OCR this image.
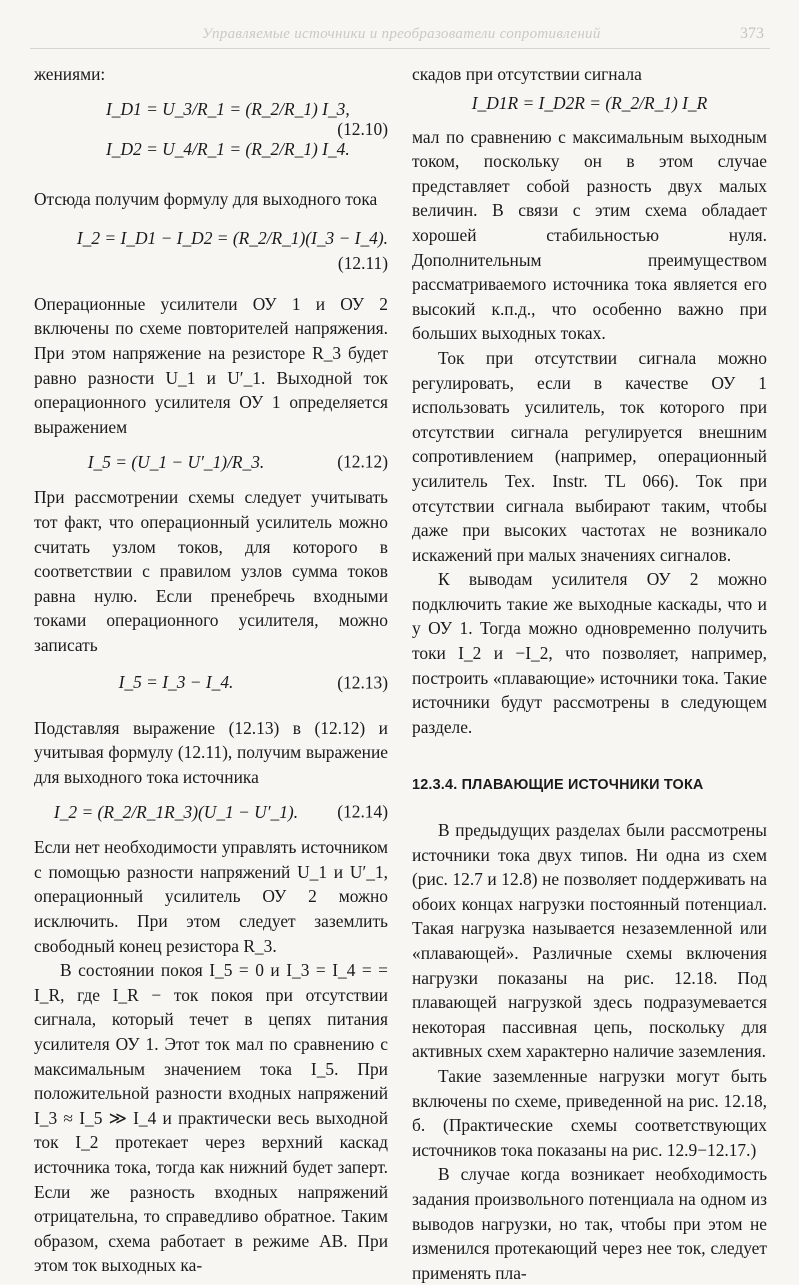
Управляемые источники и преобразователи сопротивлений	373

жениями:

I_D1 = U_3/R_1 = (R_2/R_1) I_3,
I_D2 = U_4/R_1 = (R_2/R_1) I_4.
(12.10)

Отсюда получим формулу для выходного тока

I_2 = I_D1 − I_D2 = (R_2/R_1)(I_3 − I_4).
(12.11)

Операционные усилители ОУ 1 и ОУ 2 включены по схеме повторителей напряжения. При этом напряжение на резисторе R_3 будет равно разности U_1 и U′_1. Выходной ток операционного усилителя ОУ 1 определяется выражением

I_5 = (U_1 − U′_1)/R_3.	(12.12)

При рассмотрении схемы следует учитывать тот факт, что операционный усилитель можно считать узлом токов, для которого в соответствии с правилом узлов сумма токов равна нулю. Если пренебречь входными токами операционного усилителя, можно записать

I_5 = I_3 − I_4.	(12.13)

Подставляя выражение (12.13) в (12.12) и учитывая формулу (12.11), получим выражение для выходного тока источника

I_2 = (R_2/R_1R_3)(U_1 − U′_1). (12.14)

Если нет необходимости управлять источником с помощью разности напряжений U_1 и U′_1, операционный усилитель ОУ 2 можно исключить. При этом следует заземлить свободный конец резистора R_3.

В состоянии покоя I_5 = 0 и I_3 = I_4 = = I_R, где I_R − ток покоя при отсутствии сигнала, который течет в цепях питания усилителя ОУ 1. Этот ток мал по сравнению с максимальным значением тока I_5. При положительной разности входных напряжений I_3 ≈ I_5 ≫ I_4 и практически весь выходной ток I_2 протекает через верхний каскад источника тока, тогда как нижний будет заперт. Если же разность входных напряжений отрицательна, то справедливо обратное. Таким образом, схема работает в режиме АВ. При этом ток выходных ка-

скадов при отсутствии сигнала

I_D1R = I_D2R = (R_2/R_1) I_R

мал по сравнению с максимальным выходным током, поскольку он в этом случае представляет собой разность двух малых величин. В связи с этим схема обладает хорошей стабильностью нуля. Дополнительным преимуществом рассматриваемого источника тока является его высокий к.п.д., что особенно важно при больших выходных токах.

Ток при отсутствии сигнала можно регулировать, если в качестве ОУ 1 использовать усилитель, ток которого при отсутствии сигнала регулируется внешним сопротивлением (например, операционный усилитель Tex. Instr. TL 066). Ток при отсутствии сигнала выбирают таким, чтобы даже при высоких частотах не возникало искажений при малых значениях сигналов.

К выводам усилителя ОУ 2 можно подключить такие же выходные каскады, что и у ОУ 1. Тогда можно одновременно получить токи I_2 и −I_2, что позволяет, например, построить «плавающие» источники тока. Такие источники будут рассмотрены в следующем разделе.

12.3.4. ПЛАВАЮЩИЕ ИСТОЧНИКИ ТОКА

В предыдущих разделах были рассмотрены источники тока двух типов. Ни одна из схем (рис. 12.7 и 12.8) не позволяет поддерживать на обоих концах нагрузки постоянный потенциал. Такая нагрузка называется незаземленной или «плавающей». Различные схемы включения нагрузки показаны на рис. 12.18. Под плавающей нагрузкой здесь подразумевается некоторая пассивная цепь, поскольку для активных схем характерно наличие заземления.

Такие заземленные нагрузки могут быть включены по схеме, приведенной на рис. 12.18, б. (Практические схемы соответствующих источников тока показаны на рис. 12.9−12.17.)

В случае когда возникает необходимость задания произвольного потенциала на одном из выводов нагрузки, но так, чтобы при этом не изменился протекающий через нее ток, следует применять пла-
